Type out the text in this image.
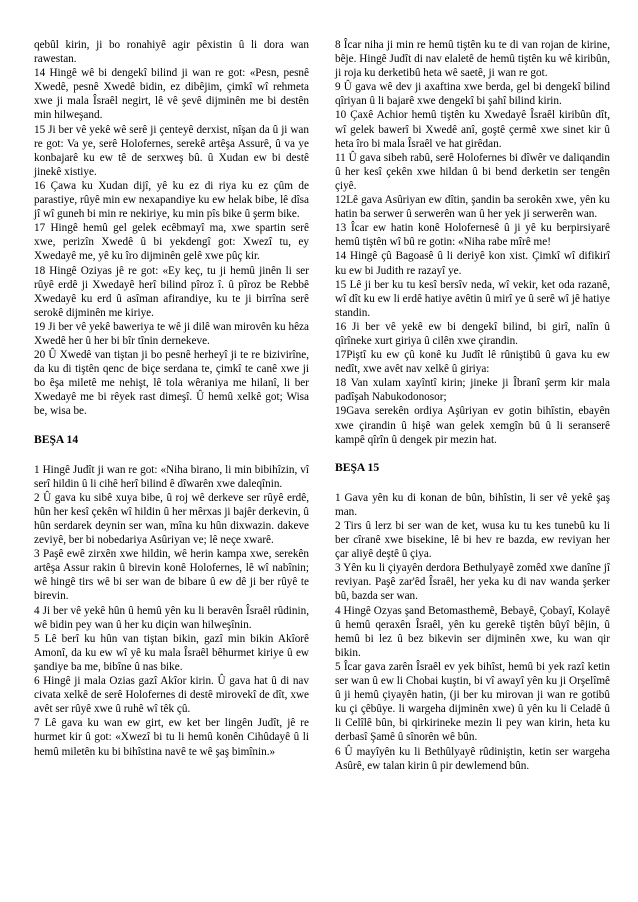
qebûl kirin, ji bo ronahiyê agir pêxistin û li dora wan rawestan.

14 Hingê wê bi dengekî bilind ji wan re got: «Pesn, pesnê Xwedê, pesnê Xwedê bidin, ez dibêjim, çimkî wî rehmeta xwe ji mala Îsraêl negirt, lê vê şevê dijminên me bi destên min hilweşand.

15 Ji ber vê yekê wê serê ji çenteyê derxist, nîşan da û ji wan re got: Va ye, serê Holofernes, serekê artêşa Assurê, û va ye konbajarê ku ew tê de serxweş bû. û Xudan ew bi destê jinekê xistiye.

16 Çawa ku Xudan dijî, yê ku ez di riya ku ez çûm de parastiye, rûyê min ew nexapandiye ku ew helak bibe, lê dîsa jî wî guneh bi min re nekiriye, ku min pîs bike û şerm bike.

17 Hingê hemû gel gelek ecêbmayî ma, xwe spartin serê xwe, perizîn Xwedê û bi yekdengî got: Xwezî tu, ey Xwedayê me, yê ku îro dijminên gelê xwe pûç kir.

18 Hingê Oziyas jê re got: «Ey keç, tu ji hemû jinên li ser rûyê erdê ji Xwedayê herî bilind pîroz î. û pîroz be Rebbê Xwedayê ku erd û asîman afirandiye, ku te ji birrîna serê serokê dijminên me kiriye.

19 Ji ber vê yekê baweriya te wê ji dilê wan mirovên ku hêza Xwedê her û her bi bîr tînin dernekeve.

20 Û Xwedê van tiştan ji bo pesnê herheyî ji te re bizivirîne, da ku di tiştên qenc de biçe serdana te, çimkî te canê xwe ji bo êşa miletê me nehişt, lê tola wêraniya me hilanî, li ber Xwedayê me bi rêyek rast dimeşî. Û hemû xelkê got; Wisa be, wisa be.

BEŞA 14

1 Hingê Judît ji wan re got: «Niha birano, li min bibihîzin, vî serî hildin û li cihê herî bilind ê dîwarên xwe daleqînin.

2 Û gava ku sibê xuya bibe, û roj wê derkeve ser rûyê erdê, hûn her kesî çekên wî hildin û her mêrxas ji bajêr derkevin, û hûn serdarek deynin ser wan, mîna ku hûn dixwazin. dakeve zeviyê, ber bi nobedariya Asûriyan ve; lê neçe xwarê.

3 Paşê ewê zirxên xwe hildin, wê herin kampa xwe, serekên artêşa Assur rakin û birevin konê Holofernes, lê wî nabînin; wê hingê tirs wê bi ser wan de bibare û ew dê ji ber rûyê te birevin.

4 Ji ber vê yekê hûn û hemû yên ku li beravên Îsraêl rûdinin, wê bidin pey wan û her ku diçin wan hilweşînin.

5 Lê berî ku hûn van tiştan bikin, gazî min bikin Akîorê Amonî, da ku ew wî yê ku mala Îsraêl bêhurmet kiriye û ew şandiye ba me, bibîne û nas bike.

6 Hingê ji mala Ozias gazî Akîor kirin. Û gava hat û di nav civata xelkê de serê Holofernes di destê mirovekî de dît, xwe avêt ser rûyê xwe û ruhê wî têk çû.

7 Lê gava ku wan ew girt, ew ket ber lingên Judît, jê re hurmet kir û got: «Xwezî bi tu li hemû konên Cihûdayê û li hemû miletên ku bi bihîstina navê te wê şaş bimînin.»

8 Îcar niha ji min re hemû tiştên ku te di van rojan de kirine, bêje. Hingê Judît di nav elaletê de hemû tiştên ku wê kiribûn, ji roja ku derketibû heta wê saetê, ji wan re got.

9 Û gava wê dev ji axaftina xwe berda, gel bi dengekî bilind qîriyan û li bajarê xwe dengekî bi şahî bilind kirin.

10 Çaxê Achior hemû tiştên ku Xwedayê Îsraêl kiribûn dît, wî gelek bawerî bi Xwedê anî, goştê çermê xwe sinet kir û heta îro bi mala Îsraêl ve hat girêdan.

11 Û gava sibeh rabû, serê Holofernes bi dîwêr ve daliqandin û her kesî çekên xwe hildan û bi bend derketin ser tengên çiyê.

12Lê gava Asûriyan ew dîtin, şandin ba serokên xwe, yên ku hatin ba serwer û serwerên wan û her yek ji serwerên wan.

13 Îcar ew hatin konê Holofernesê û ji yê ku berpirsiyarê hemû tiştên wî bû re gotin: «Niha rabe mîrê me!

14 Hingê çû Bagoasê û li deriyê kon xist. Çimkî wî difikirî ku ew bi Judith re razayî ye.

15 Lê ji ber ku tu kesî bersîv neda, wî vekir, ket oda razanê, wî dît ku ew li erdê hatiye avêtin û mirî ye û serê wî jê hatiye standin.

16 Ji ber vê yekê ew bi dengekî bilind, bi girî, nalîn û qîrîneke xurt giriya û cilên xwe çirandin.

17Piştî ku ew çû konê ku Judît lê rûniştibû û gava ku ew nedît, xwe avêt nav xelkê û giriya:

18 Van xulam xayîntî kirin; jineke ji Îbranî şerm kir mala padîşah Nabukodonosor;

19Gava serekên ordiya Aşûriyan ev gotin bihîstin, ebayên xwe çirandin û hişê wan gelek xemgîn bû û li seranserê kampê qîrîn û dengek pir mezin hat.

BEŞA 15

1 Gava yên ku di konan de bûn, bihîstin, li ser vê yekê şaş man.

2 Tirs û lerz bi ser wan de ket, wusa ku tu kes tunebû ku li ber cîranê xwe bisekine, lê bi hev re bazda, ew reviyan her çar aliyê deştê û çiya.

3 Yên ku li çiyayên derdora Bethulyayê zomêd xwe danîne jî reviyan. Paşê zar'êd Îsraêl, her yeka ku di nav wanda şerker bû, bazda ser wan.

4 Hingê Ozyas şand Betomasthemê, Bebayê, Çobayî, Kolayê û hemû qeraxên Îsraêl, yên ku gerekê tiştên bûyî bêjin, û hemû bi lez û bez bikevin ser dijminên xwe, ku wan qir bikin.

5 Îcar gava zarên Îsraêl ev yek bihîst, hemû bi yek razî ketin ser wan û ew li Chobai kuştin, bi vî awayî yên ku ji Orşelîmê û ji hemû çiyayên hatin, (ji ber ku mirovan ji wan re gotibû ku çi çêbûye. li wargeha dijminên xwe) û yên ku li Celadê û li Celîlê bûn, bi qirkirineke mezin li pey wan kirin, heta ku derbasî Şamê û sînorên wê bûn.

6 Û mayîyên ku li Bethûlyayê rûdiniştin, ketin ser wargeha Asûrê, ew talan kirin û pir dewlemend bûn.
